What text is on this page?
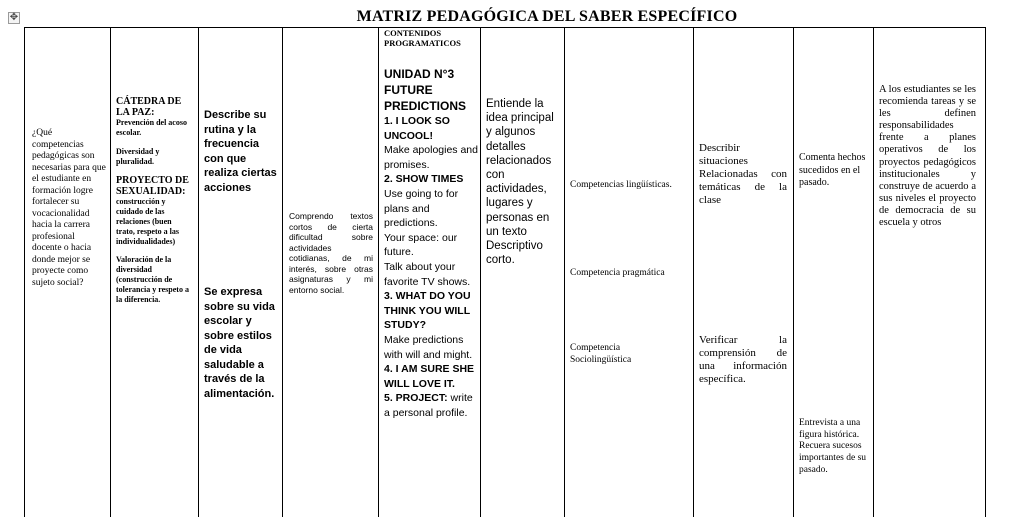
✥	MATRIZ PEDAGÓGICA DEL SABER ESPECÍFICO
¿Qué competencias pedagógicas son necesarias para que el estudiante en formación logre fortalecer su vocacionalidad hacia la carrera profesional docente o hacia donde mejor se proyecte como sujeto social?

CÁTEDRA DE LA PAZ:

Prevención del acoso escolar.

Diversidad y pluralidad.

PROYECTO DE SEXUALIDAD:

construcción y cuidado de las relaciones (buen trato, respeto a las individualidades)

Valoración de la diversidad (construcción de tolerancia y respeto a la diferencia.

Describe su rutina y la frecuencia con que realiza ciertas acciones
Se expresa sobre su vida escolar y sobre estilos de vida saludable a través de la alimentación.
Comprendo textos cortos de cierta dificultad sobre actividades cotidianas, de mi interés, sobre otras asignaturas y mi entorno social.
CONTENIDOS PROGRAMATICOS

UNIDAD N°3 FUTURE PREDICTIONS

1. I LOOK SO UNCOOL!

Make apologies and promises.

2. SHOW TIMES

Use going to for plans and predictions.

Your space: our future.

Talk about your favorite TV shows.

3. WHAT DO YOU THINK YOU WILL STUDY?

Make predictions with will and might.

4. I AM SURE SHE WILL LOVE IT.

5. PROJECT: write a personal profile.

Entiende la idea principal y algunos detalles relacionados con actividades, lugares y personas en un texto Descriptivo corto.
Competencias lingüísticas.
Competencia pragmática
Competencia Sociolingüística
Describir situaciones Relacionadas con temáticas de la clase
Verificar la comprensión de una información específica.
Comenta hechos sucedidos en el pasado.
Entrevista a una figura histórica. Recuera sucesos importantes de su pasado.
A los estudiantes se les recomienda tareas y se les definen responsabilidades frente a planes operativos de los proyectos pedagógicos institucionales y construye de acuerdo a sus niveles el proyecto de democracia de su escuela y otros
